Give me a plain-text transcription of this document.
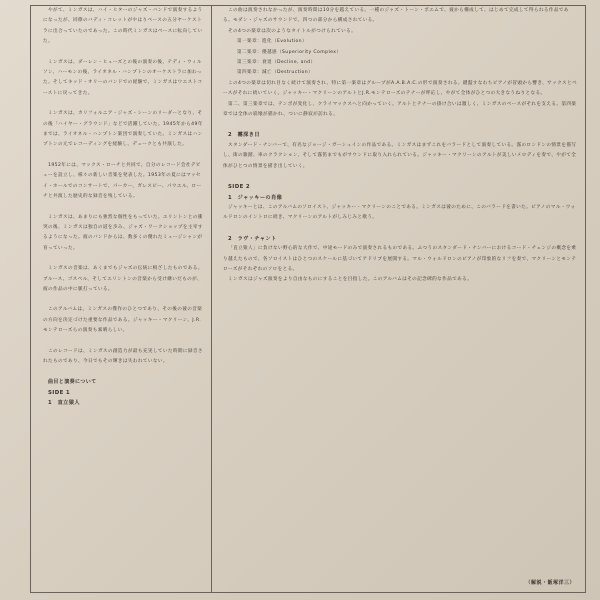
やがて、ミンガスは、ハイ・ヒターのジャズ・バンドで演奏するようになったが、同僚のバディ・コレットがやはりベースの五分ヤーケストラに出合っていたのであった。この時代ミンガスはベースに転向していた。

ミンガスは、ダーレン・ヒューズとの後の演奏の後、テディ・ウィルソン、ハーモンの後、ライオネル・ハンプトンのオーケストラに加わった。そしてキッド・オリーのバンドでの経験で、ミンガスはウエストコーストに戻ってきた。

ミンガスは、カリフォルニア・ジャズ・シーンのリーダーとなり、その後「ハイヤー・グラウンド」などで活躍していた。1945年から49年までは、ライオネル・ハンプトン楽団で演奏していた。ミンガスはハンプトンの元でレコーディングを経験し、デュークとも共演した。

1952年には、マックス・ローチと共同で、自分のレコード会社デビューを設立し、様々の新しい音楽を発表した。1953年の夏にはマッセイ・ホールでのコンサートで、パーカー、ガレスピー、パウエル、ローチと共演した歴史的な録音を残している。

ミンガスは、あまりにも強烈な個性をもっていた。エリントンとの衝突の後、ミンガスは独自の道を歩み、ジャズ・ワークショップを主宰するようになった。彼のバンドからは、数多くの優れたミュージシャンが育っていった。

ミンガスの音楽は、あくまでもジャズの伝統に根ざしたものである。ブルース、ゴスペル、そしてエリントンの音楽から受け継いだものが、彼の作品の中に脈打っている。

このアルバムは、ミンガスの傑作のひとつであり、その後の彼の音楽の方向を決定づけた重要な作品である。ジャッキー・マクリーン、J.R.モンテローズらの演奏も素晴らしい。

このレコードは、ミンガスの創造力が最も充実していた時期に録音されたものであり、今日でもその輝きは失われていない。

曲目と演奏について

SIDE 1

1　直立猿人

この曲は演奏されなかったが、演奏時間は10分を越えている。一種のジャズ・トーン・ポエムで、彼から構成して、はじめて完成して得られる作品である。モダン・ジャズのサウンドで、四つの部分から構成されている。

その4つの楽章は次のようなタイトルがつけられている。

第一楽章：進化（Evolution）

第二楽章：優越感（Superiority Complex）

第三楽章：衰退（Decline, and）

第四楽章：滅亡（Destruction）

この4つの楽章は切れ目なく続けて演奏され、特に第一楽章はグループがA.A.B.A.C.の形で演奏される。鍵盤すなわちピアノが冒頭から響き、サックスとベースがそれに続いていく。ジャッキー・マクリーンのアルトとJ.R.モンテローズのテナーが呼応し、やがて全体がひとつの大きなうねりとなる。

第二、第三楽章では、テンポが変化し、クライマックスへと向かっていく。アルトとテナーの掛け合いは激しく、ミンガスのベースがそれを支える。第四楽章では全体の崩壊が描かれ、ついに静寂が訪れる。

2　霧深き日

スタンダード・ナンバーで、有名なジョージ・ガーシュインの作品である。ミンガスはまずこれをバラードとして演奏している。霧のロンドンの情景を描写し、街の雑踏、車のクラクション、そして霧笛までもがサウンドに取り入れられている。ジャッキー・マクリーンのアルトが美しいメロディを奏で、やがて全体がひとつの情景を描き出していく。

SIDE 2

1　ジャッキーの肖像

ジャッキーとは、このアルバムのソロイスト、ジャッキー・マクリーンのことである。ミンガスは彼のために、このバラードを書いた。ピアノのマル・ウォルドロンのイントロに続き、マクリーンのアルトがしみじみと歌う。

2　ラヴ・チャント

「直立猿人」に負けない野心的な大作で、中途モードのみで演奏されるものである。ふつうのスタンダード・ナンバーにおけるコード・チェンジの概念を乗り越えたもので、各ソロイストはひとつのスケールに基づいてアドリブを展開する。マル・ウォルドロンのピアノが印象的なリフを奏で、マクリーンとモンテローズがそれぞれのソロをとる。

ミンガスはジャズ演奏をより自由なものにすることを目指した。このアルバムはその記念碑的な作品である。

（解説・飯塚洋三）
